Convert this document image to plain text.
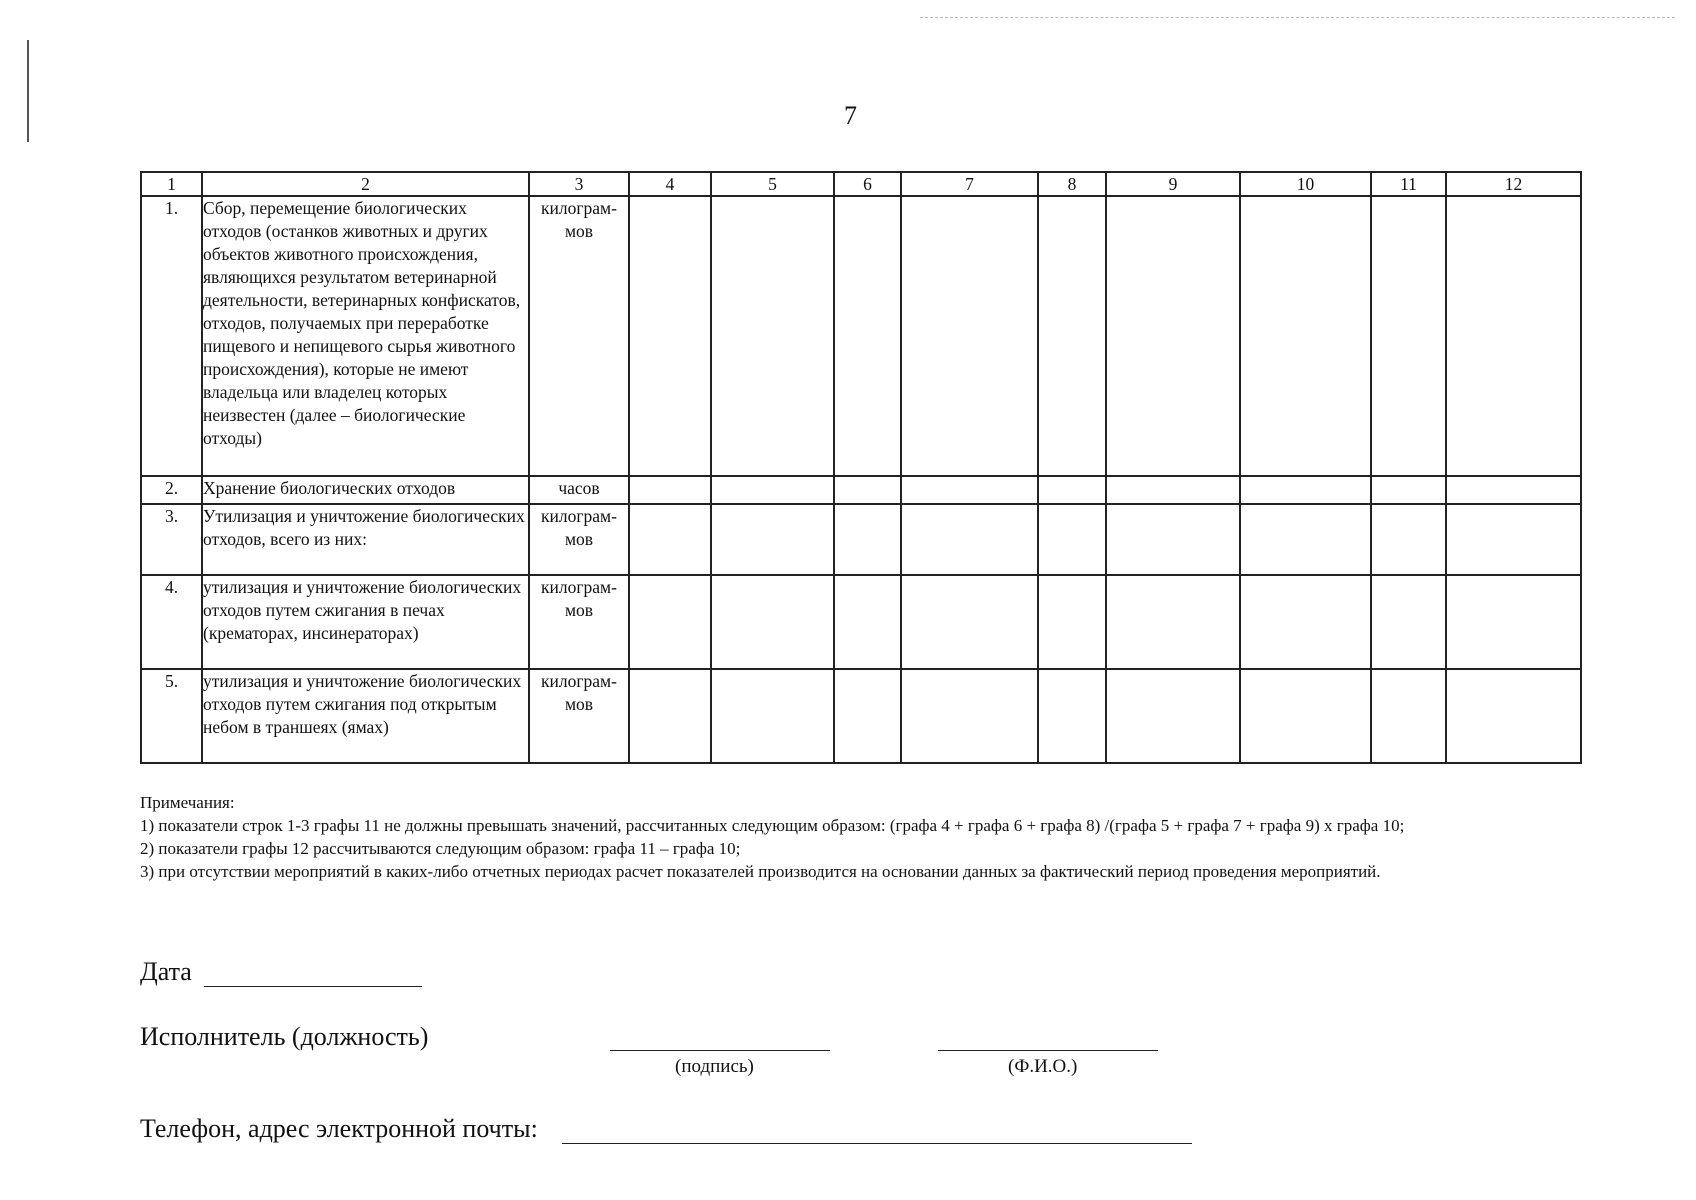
7
1	2	3	4	5	6	7	8	9	10	11	12
1.	Сбор, перемещение биологических отходов (останков животных и других объектов животного происхождения, являющихся результатом ветеринарной деятельности, ветеринарных конфискатов, отходов, получаемых при переработке пищевого и непищевого сырья животного происхождения), которые не имеют владельца или владелец которых неизвестен (далее – биологические отходы)	килограм-мов									
2.	Хранение биологических отходов	часов									
3.	Утилизация и уничтожение биологических отходов, всего из них:	килограм-мов									
4.	утилизация и уничтожение биологических отходов путем сжигания в печах (крематорах, инсинераторах)	килограм-мов									
5.	утилизация и уничтожение биологических отходов путем сжигания под открытым небом в траншеях (ямах)	килограм-мов									

Примечания:

1) показатели строк 1-3 графы 11 не должны превышать значений, рассчитанных следующим образом: (графа 4 + графа 6 + графа 8) /(графа 5 + графа 7 + графа 9) x графа 10;

2) показатели графы 12 рассчитываются следующим образом: графа 11 – графа 10;

3) при отсутствии мероприятий в каких-либо отчетных периодах расчет показателей производится на основании данных за фактический период проведения мероприятий.

Дата
Исполнитель (должность)
(подпись)	(Ф.И.О.)
Телефон, адрес электронной почты:
